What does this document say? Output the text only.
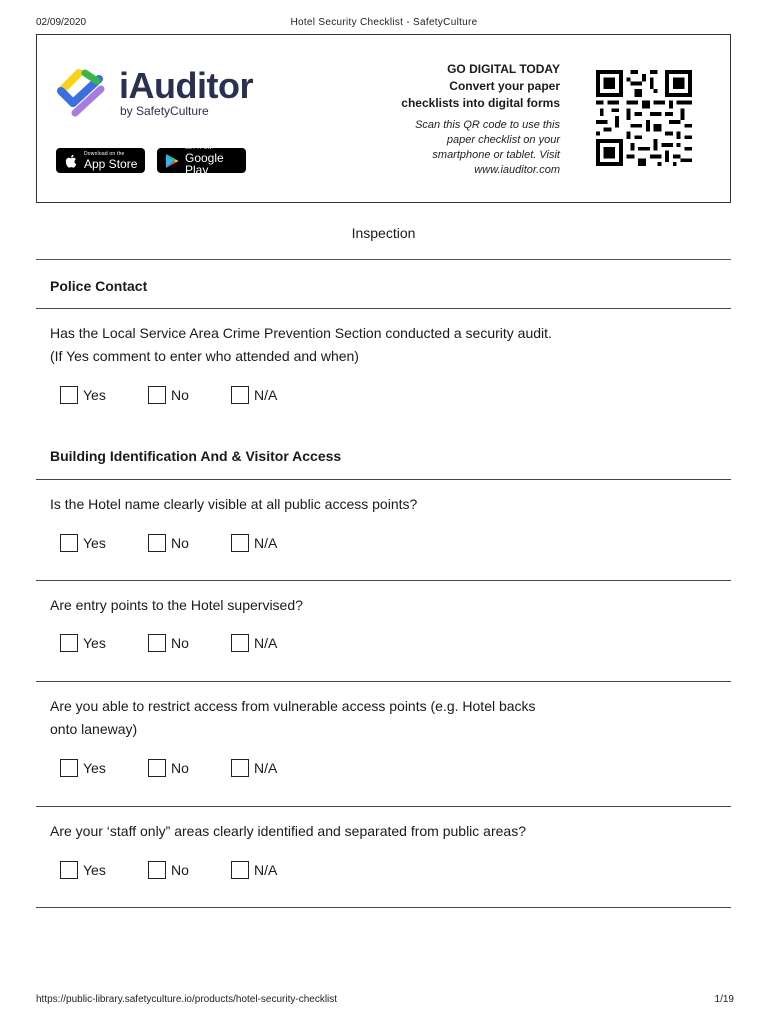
02/09/2020	Hotel Security Checklist - SafetyCulture
iAuditor
by SafetyCulture
Download on the
App Store
GET IT ON
Google Play
GO DIGITAL TODAY
Convert your paper
checklists into digital forms
Scan this QR code to use this
paper checklist on your
smartphone or tablet. Visit
www.iauditor.com
Inspection
Police Contact
Has the Local Service Area Crime Prevention Section conducted a security audit.
(If Yes comment to enter who attended and when)
Yes	No	N/A
Building Identification And & Visitor Access
Is the Hotel name clearly visible at all public access points?
Yes	No	N/A
Are entry points to the Hotel supervised?
Yes	No	N/A
Are you able to restrict access from vulnerable access points (e.g. Hotel backs
onto laneway)
Yes	No	N/A
Are your ‘staff only” areas clearly identified and separated from public areas?
Yes	No	N/A
https://public-library.safetyculture.io/products/hotel-security-checklist	1/19
